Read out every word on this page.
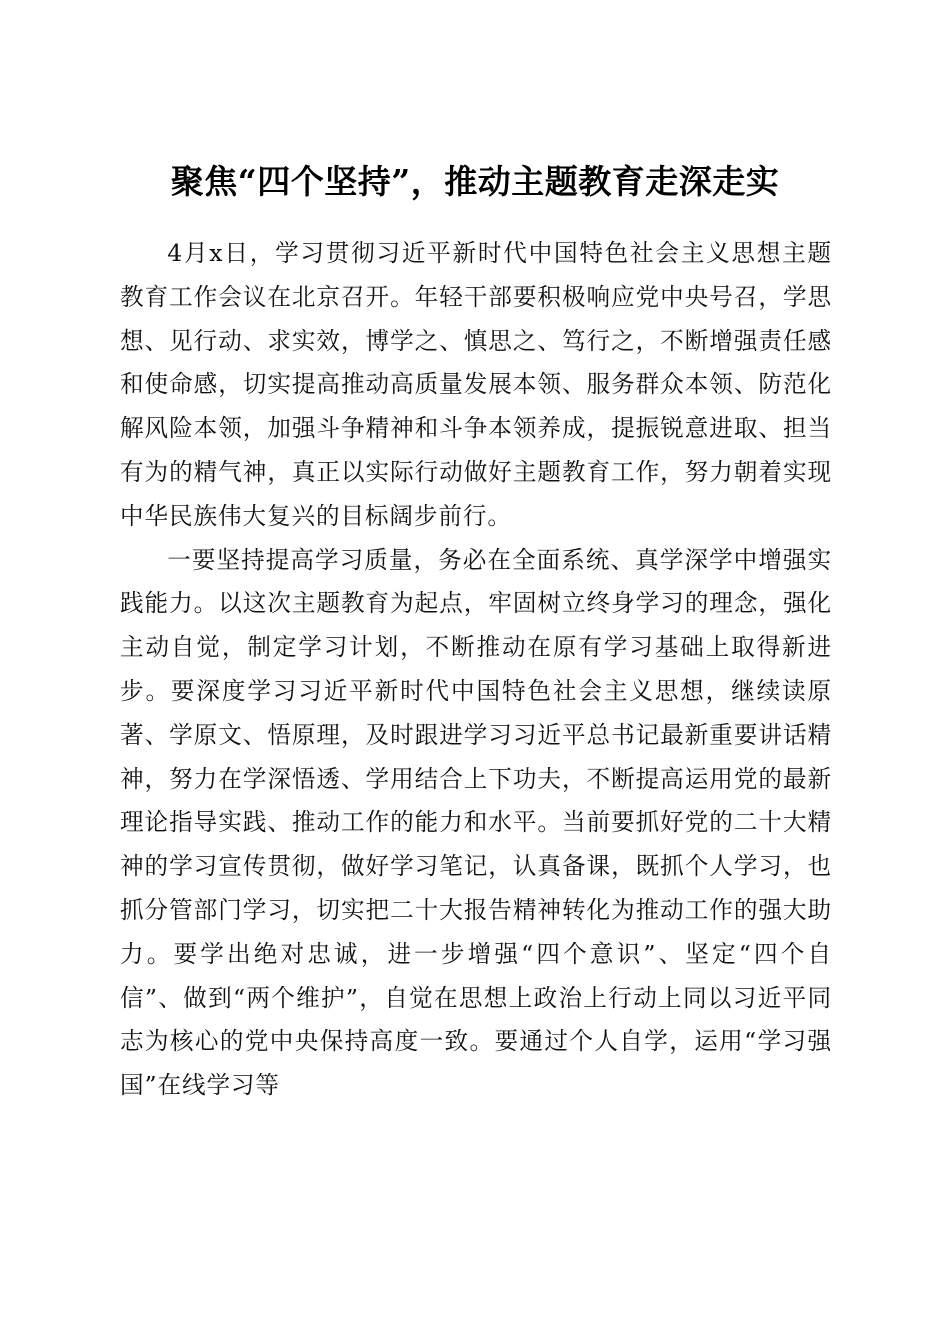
聚焦“四个坚持”，推动主题教育走深走实

4月x日，学习贯彻习近平新时代中国特色社会主义思想主题教育工作会议在北京召开。年轻干部要积极响应党中央号召，学思想、见行动、求实效，博学之、慎思之、笃行之，不断增强责任感和使命感，切实提高推动高质量发展本领、服务群众本领、防范化解风险本领，加强斗争精神和斗争本领养成，提振锐意进取、担当有为的精气神，真正以实际行动做好主题教育工作，努力朝着实现中华民族伟大复兴的目标阔步前行。

一要坚持提高学习质量，务必在全面系统、真学深学中增强实践能力。以这次主题教育为起点，牢固树立终身学习的理念，强化主动自觉，制定学习计划，不断推动在原有学习基础上取得新进步。要深度学习习近平新时代中国特色社会主义思想，继续读原著、学原文、悟原理，及时跟进学习习近平总书记最新重要讲话精神，努力在学深悟透、学用结合上下功夫，不断提高运用党的最新理论指导实践、推动工作的能力和水平。当前要抓好党的二十大精神的学习宣传贯彻，做好学习笔记，认真备课，既抓个人学习，也抓分管部门学习，切实把二十大报告精神转化为推动工作的强大助力。要学出绝对忠诚，进一步增强“四个意识”、坚定“四个自信”、做到“两个维护”，自觉在思想上政治上行动上同以习近平同志为核心的党中央保持高度一致。要通过个人自学，运用“学习强国”在线学习等
